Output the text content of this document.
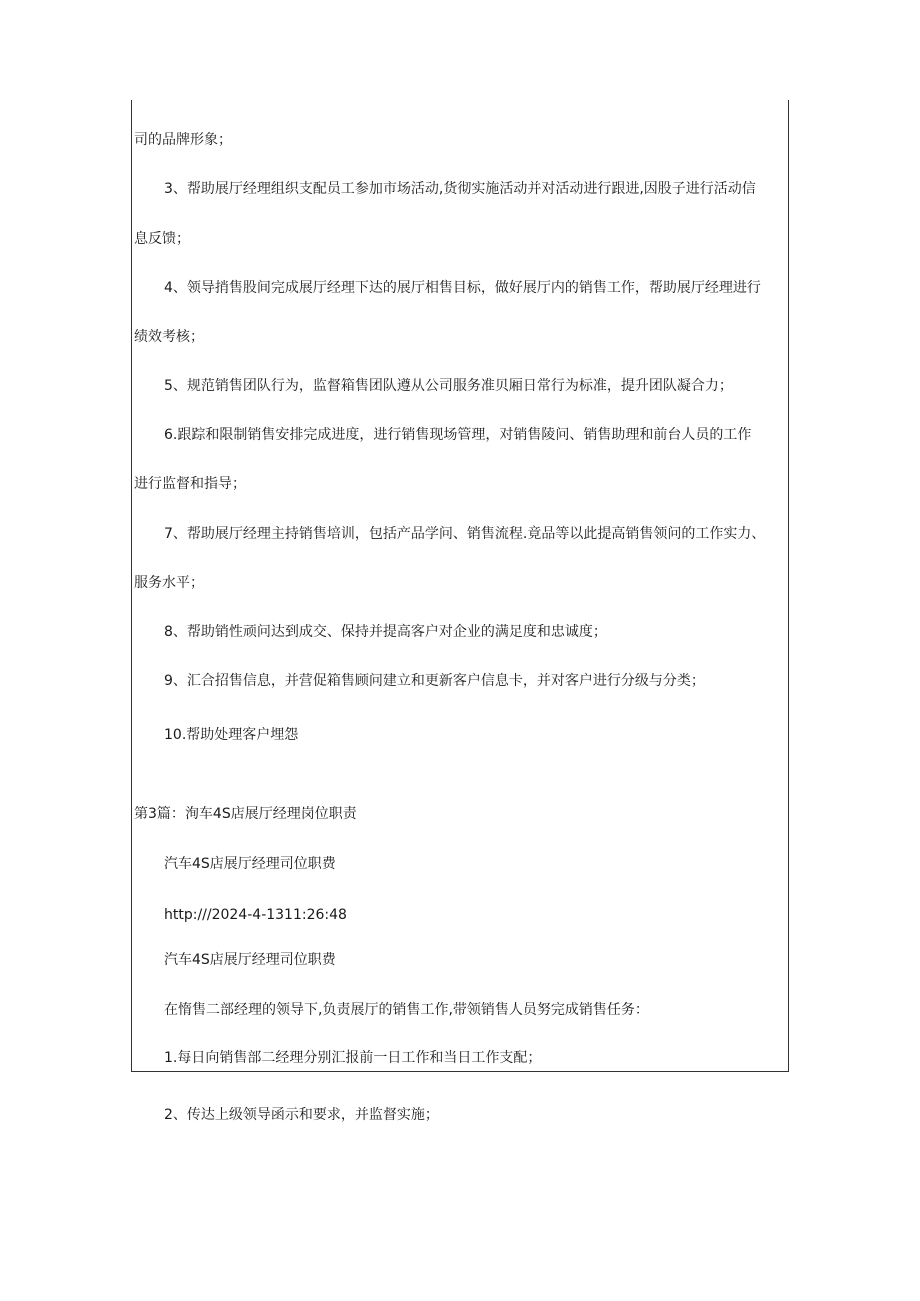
司的品牌形象；
3、帮助展厅经理组织支配员工参加市场活动,货彻实施活动并对活动进行跟进,因股子进行活动信
息反馈；
4、领导捎售股间完成展厅经理下达的展厅相售目标，做好展厅内的销售工作，帮助展厅经理进行
绩效考核；
5、规范销售团队行为，监督箱售团队遵从公司服务准贝厢日常行为标准，提升团队凝合力；
6.跟踪和限制销售安排完成进度，进行销售现场管理，对销售陵问、销售助理和前台人员的工作
进行监督和指导；
7、帮助展厅经理主持销售培训，包括产品学问、销售流程.竟品等以此提高销售领问的工作实力、
服务水平；
8、帮助销性顽问达到成交、保持并提高客户对企业的满足度和忠诚度；
9、汇合招售信息，并营促箱售顾问建立和更新客户信息卡，并对客户进行分级与分类；
10.帮助处理客户埋怨
第3篇：洵车4S店展厅经理岗位职责
汽车4S店展厅经理司位职费
http:///2024-4-1311:26:48
汽车4S店展厅经理司位职费
在惰售二部经理的领导下,负责展厅的销售工作,带领销售人员努完成销售任务：
1.每日向销售部二经理分别汇报前一日工作和当日工作支配；
2、传达上级领导函示和要求，并监督实施；
